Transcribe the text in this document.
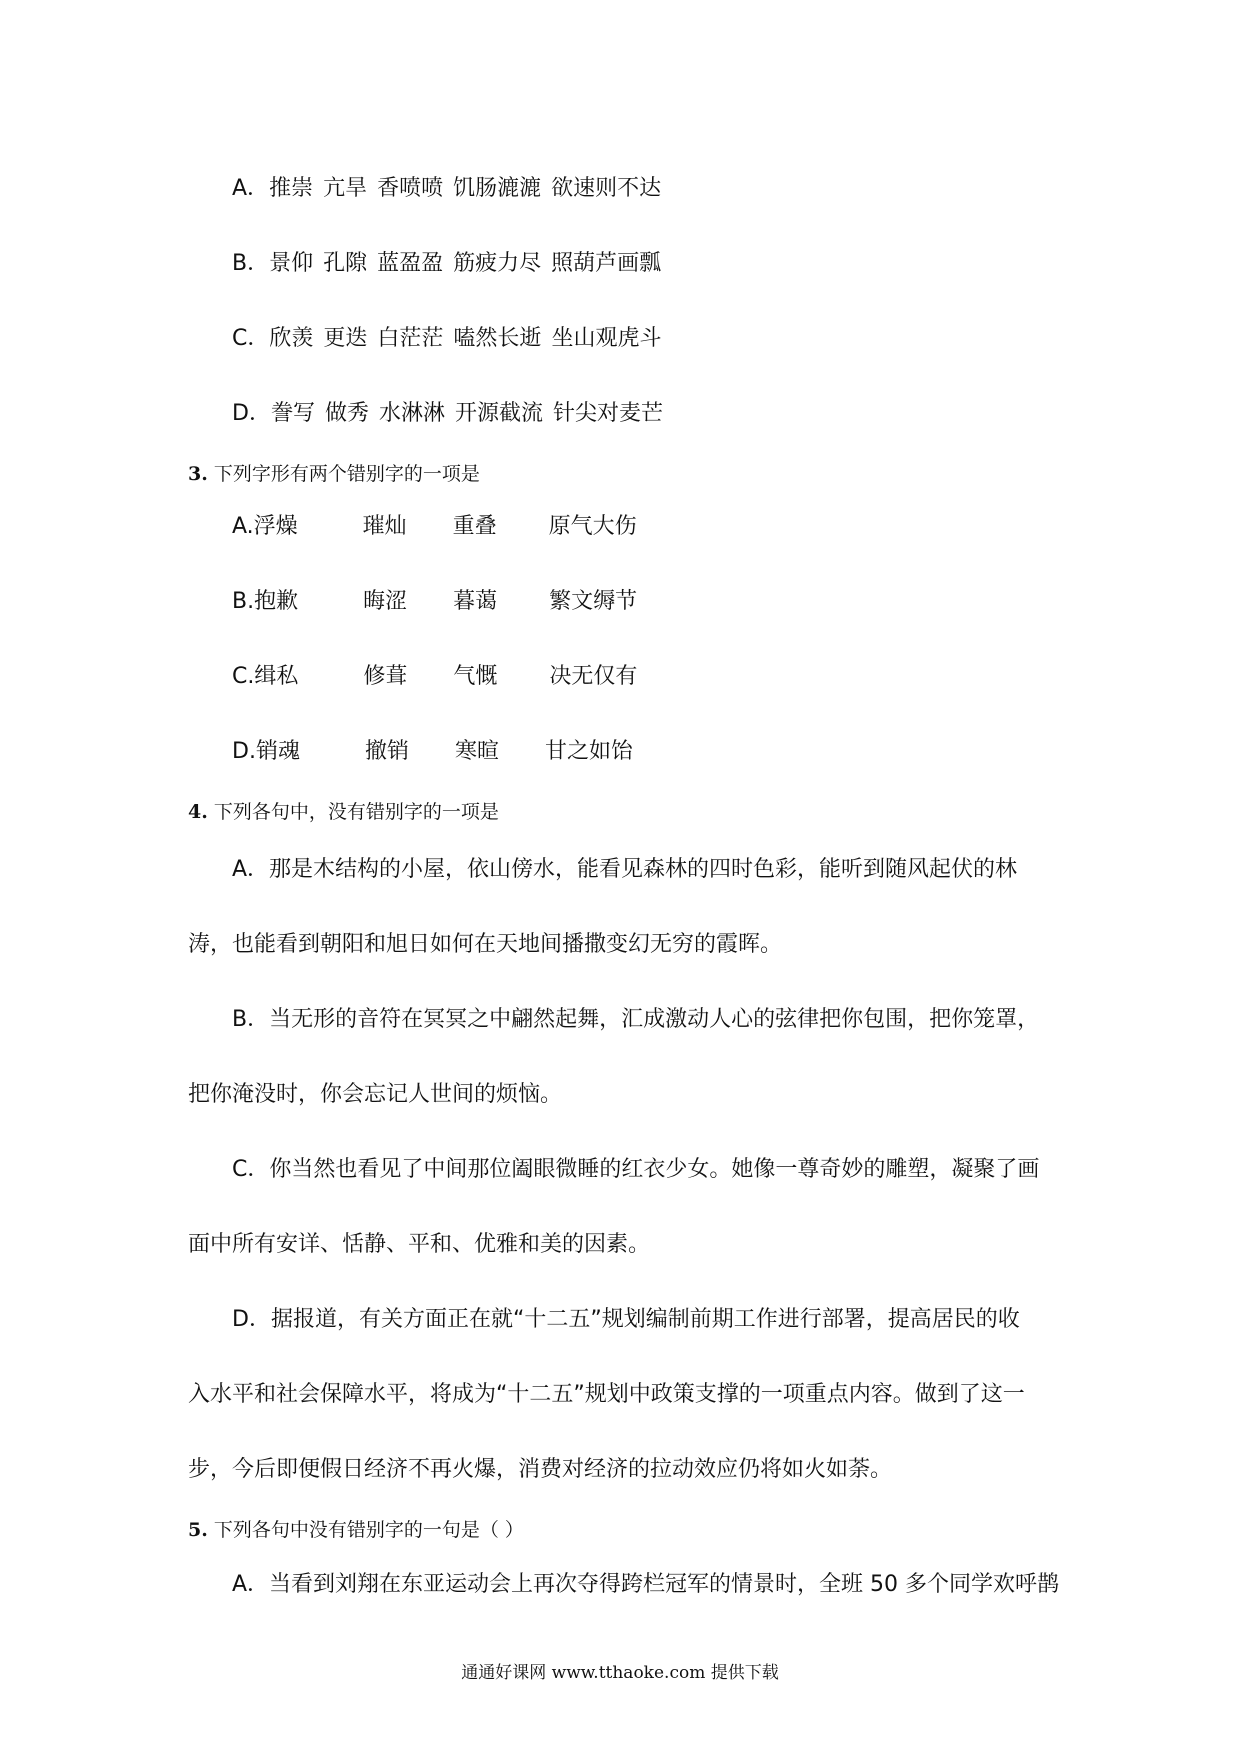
A．推崇 亢旱 香喷喷 饥肠漉漉 欲速则不达
B．景仰 孔隙 蓝盈盈 筋疲力尽 照葫芦画瓢
C．欣羡 更迭 白茫茫 嗑然长逝 坐山观虎斗
D．誊写 做秀 水淋淋 开源截流 针尖对麦芒
3. 下列字形有两个错别字的一项是
A.浮燥	璀灿 重叠 原气大伤
B.抱歉	晦涩 暮蔼 繁文缛节
C.缉私	修葺 气慨 决无仅有
D.销魂	撤销 寒暄 甘之如饴
4. 下列各句中，没有错别字的一项是
A．那是木结构的小屋，依山傍水，能看见森林的四时色彩，能听到随风起伏的林
涛，也能看到朝阳和旭日如何在天地间播撒变幻无穷的霞晖。
B．当无形的音符在冥冥之中翩然起舞，汇成激动人心的弦律把你包围，把你笼罩，
把你淹没时，你会忘记人世间的烦恼。
C．你当然也看见了中间那位阖眼微睡的红衣少女。她像一尊奇妙的雕塑，凝聚了画
面中所有安详、恬静、平和、优雅和美的因素。
D．据报道，有关方面正在就“十二五”规划编制前期工作进行部署，提高居民的收
入水平和社会保障水平，将成为“十二五”规划中政策支撑的一项重点内容。做到了这一
步，今后即便假日经济不再火爆，消费对经济的拉动效应仍将如火如荼。
5. 下列各句中没有错别字的一句是（ ）
A．当看到刘翔在东亚运动会上再次夺得跨栏冠军的情景时，全班 50 多个同学欢呼鹊
通通好课网 www.tthaoke.com 提供下载
